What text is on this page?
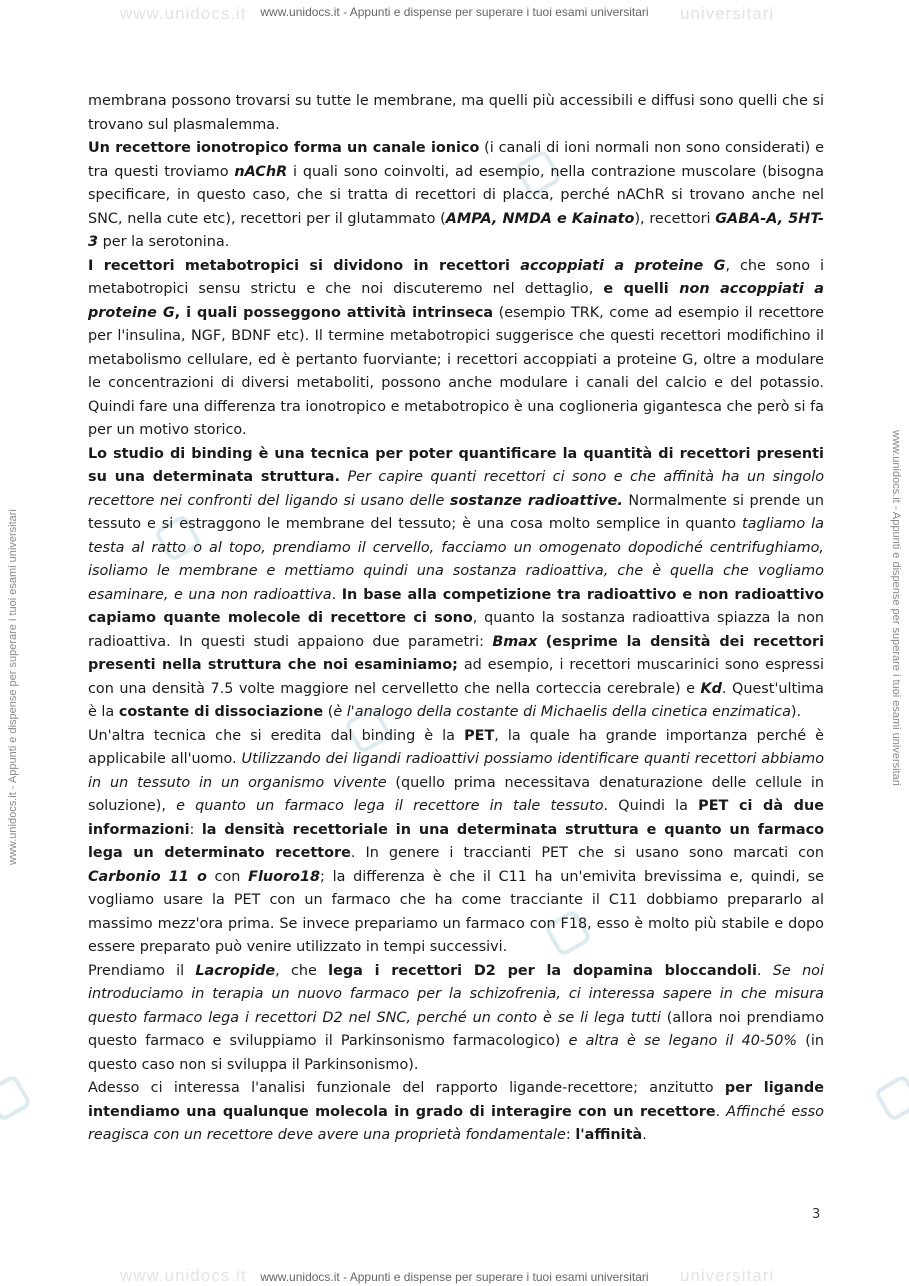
www.unidocs.it	universitari
www.unidocs.it - Appunti e dispense per superare i tuoi esami universitari
www.unidocs.it - Appunti e dispense per superare i tuoi esami universitari	www.unidocs.it - Appunti e dispense per superare i tuoi esami universitari

membrana possono trovarsi su tutte le membrane, ma quelli più accessibili e diffusi sono quelli che si trovano sul plasmalemma.

Un recettore ionotropico forma un canale ionico (i canali di ioni normali non sono considerati) e tra questi troviamo nAChR i quali sono coinvolti, ad esempio, nella contrazione muscolare (bisogna specificare, in questo caso, che si tratta di recettori di placca, perché nAChR si trovano anche nel SNC, nella cute etc), recettori per il glutammato (AMPA, NMDA e Kainato), recettori GABA-A, 5HT-3 per la serotonina.

I recettori metabotropici si dividono in recettori accoppiati a proteine G, che sono i metabotropici sensu strictu e che noi discuteremo nel dettaglio, e quelli non accoppiati a proteine G, i quali posseggono attività intrinseca (esempio TRK, come ad esempio il recettore per l'insulina, NGF, BDNF etc). Il termine metabotropici suggerisce che questi recettori modifichino il metabolismo cellulare, ed è pertanto fuorviante; i recettori accoppiati a proteine G, oltre a modulare le concentrazioni di diversi metaboliti, possono anche modulare i canali del calcio e del potassio. Quindi fare una differenza tra ionotropico e metabotropico è una coglioneria gigantesca che però si fa per un motivo storico.

Lo studio di binding è una tecnica per poter quantificare la quantità di recettori presenti su una determinata struttura. Per capire quanti recettori ci sono e che affinità ha un singolo recettore nei confronti del ligando si usano delle sostanze radioattive. Normalmente si prende un tessuto e si estraggono le membrane del tessuto; è una cosa molto semplice in quanto tagliamo la testa al ratto o al topo, prendiamo il cervello, facciamo un omogenato dopodiché centrifughiamo, isoliamo le membrane e mettiamo quindi una sostanza radioattiva, che è quella che vogliamo esaminare, e una non radioattiva. In base alla competizione tra radioattivo e non radioattivo capiamo quante molecole di recettore ci sono, quanto la sostanza radioattiva spiazza la non radioattiva. In questi studi appaiono due parametri: Bmax (esprime la densità dei recettori presenti nella struttura che noi esaminiamo; ad esempio, i recettori muscarinici sono espressi con una densità 7.5 volte maggiore nel cervelletto che nella corteccia cerebrale) e Kd. Quest'ultima è la costante di dissociazione (è l'analogo della costante di Michaelis della cinetica enzimatica).

Un'altra tecnica che si eredita dal binding è la PET, la quale ha grande importanza perché è applicabile all'uomo. Utilizzando dei ligandi radioattivi possiamo identificare quanti recettori abbiamo in un tessuto in un organismo vivente (quello prima necessitava denaturazione delle cellule in soluzione), e quanto un farmaco lega il recettore in tale tessuto. Quindi la PET ci dà due informazioni: la densità recettoriale in una determinata struttura e quanto un farmaco lega un determinato recettore. In genere i traccianti PET che si usano sono marcati con Carbonio 11 o con Fluoro18; la differenza è che il C11 ha un'emivita brevissima e, quindi, se vogliamo usare la PET con un farmaco che ha come tracciante il C11 dobbiamo prepararlo al massimo mezz'ora prima. Se invece prepariamo un farmaco con F18, esso è molto più stabile e dopo essere preparato può venire utilizzato in tempi successivi.

Prendiamo il Lacropide, che lega i recettori D2 per la dopamina bloccandoli. Se noi introduciamo in terapia un nuovo farmaco per la schizofrenia, ci interessa sapere in che misura questo farmaco lega i recettori D2 nel SNC, perché un conto è se li lega tutti (allora noi prendiamo questo farmaco e sviluppiamo il Parkinsonismo farmacologico) e altra è se legano il 40-50% (in questo caso non si sviluppa il Parkinsonismo).

Adesso ci interessa l'analisi funzionale del rapporto ligande-recettore; anzitutto per ligande intendiamo una qualunque molecola in grado di interagire con un recettore. Affinché esso reagisca con un recettore deve avere una proprietà fondamentale: l'affinità.

3
www.unidocs.it	universitari
www.unidocs.it - Appunti e dispense per superare i tuoi esami universitari
